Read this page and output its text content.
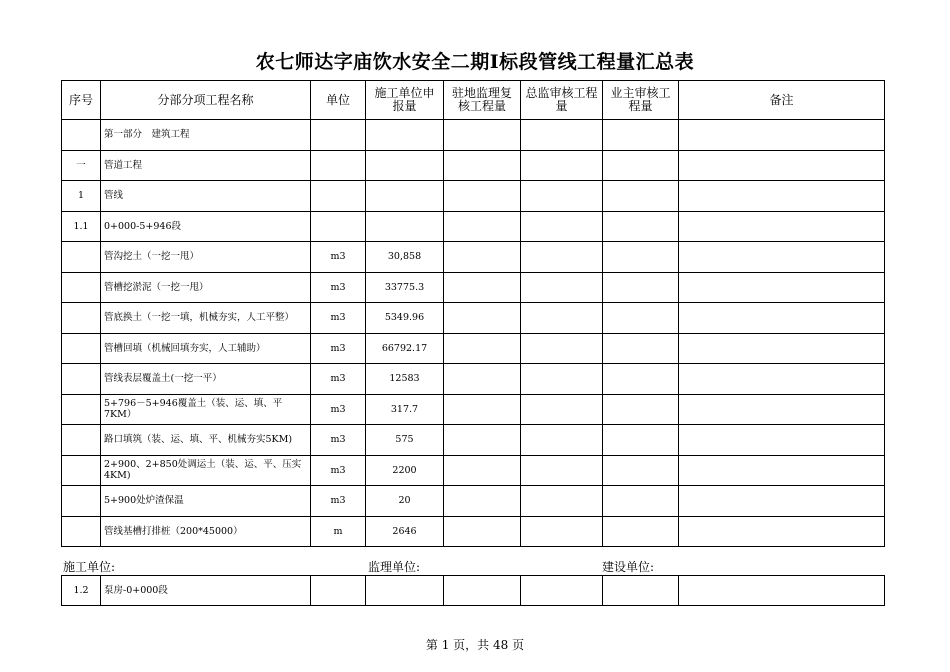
农七师达字庙饮水安全二期I标段管线工程量汇总表
序号	分部分项工程名称	单位	施工单位申报量	驻地监理复核工程量	总监审核工程量	业主审核工程量	备注
	第一部分　建筑工程						
一	管道工程						
1	管线						
1.1	0+000-5+946段						
	管沟挖土（一挖一甩）	m3	30,858				
	管槽挖淤泥（一挖一甩）	m3	33775.3				
	管底换土（一挖一填，机械夯实，人工平整）	m3	5349.96				
	管槽回填（机械回填夯实，人工辅助）	m3	66792.17				
	管线表层覆盖土(一挖一平）	m3	12583				
	5+796－5+946覆盖土（装、运、填、平7KM）	m3	317.7				
	路口填筑（装、运、填、平、机械夯实5KM)	m3	575				
	2+900、2+850处调运土（装、运、平、压实4KM)	m3	2200				
	5+900处炉渣保温	m3	20				
	管线基槽打排桩（200*45000）	m	2646				
施工单位:	监理单位:	建设单位:
1.2	泵房-0+000段						
第 1 页，共 48 页
